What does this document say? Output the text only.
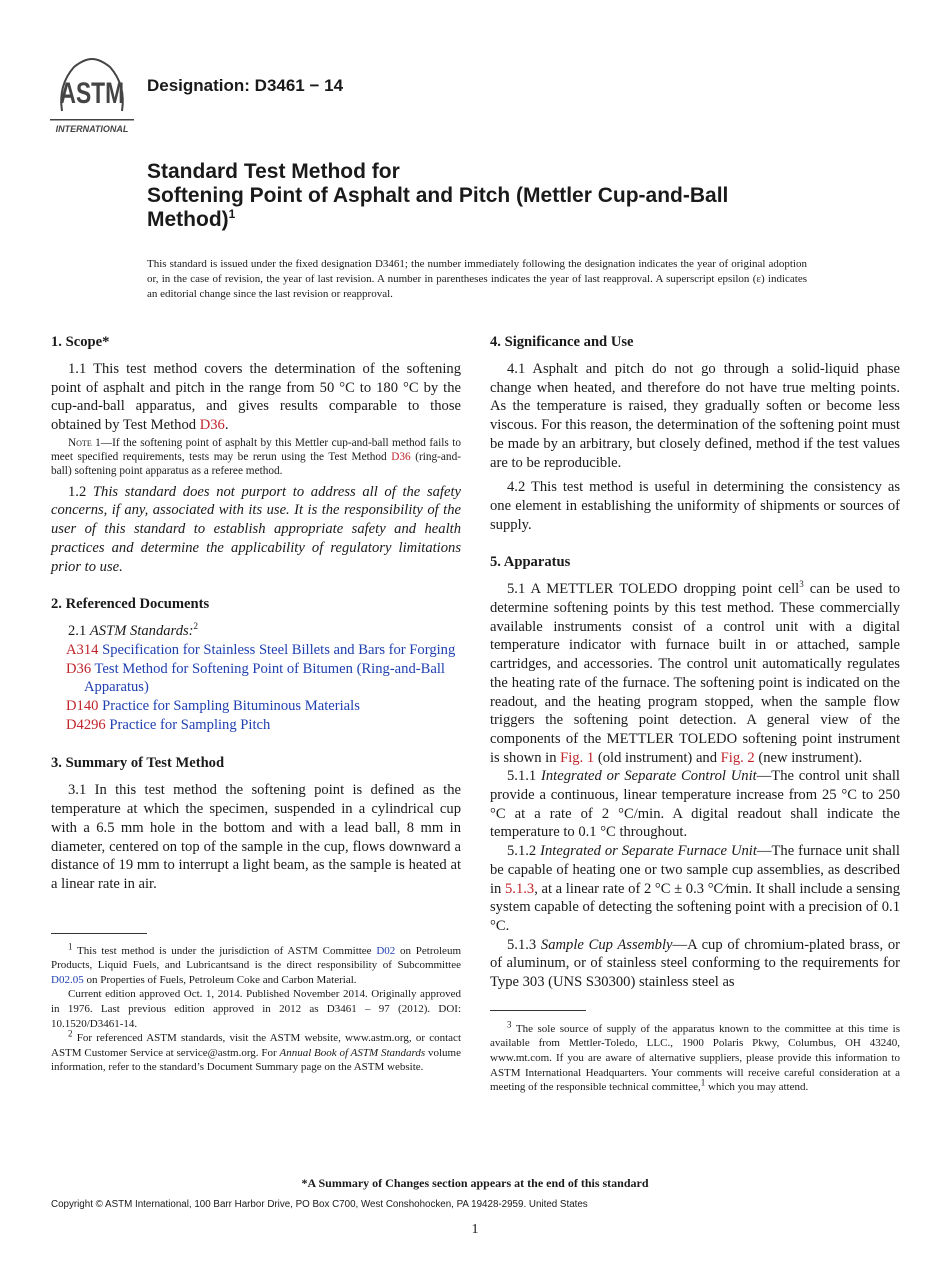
ASTM
INTERNATIONAL
Designation: D3461 − 14
Standard Test Method for
Softening Point of Asphalt and Pitch (Mettler Cup-and-Ball
Method)$^1$
This standard is issued under the fixed designation D3461; the number immediately following the designation indicates the year of original adoption or, in the case of revision, the year of last revision. A number in parentheses indicates the year of last reapproval. A superscript epsilon (ε) indicates an editorial change since the last revision or reapproval.
1. Scope*

1.1 This test method covers the determination of the softening point of asphalt and pitch in the range from 50 °C to 180 °C by the cup-and-ball apparatus, and gives results comparable to those obtained by Test Method D36.

Note 1—If the softening point of asphalt by this Mettler cup-and-ball method fails to meet specified requirements, tests may be rerun using the Test Method D36 (ring-and-ball) softening point apparatus as a referee method.

1.2 This standard does not purport to address all of the safety concerns, if any, associated with its use. It is the responsibility of the user of this standard to establish appropriate safety and health practices and determine the applicability of regulatory limitations prior to use.

2. Referenced Documents

2.1 ASTM Standards:$^2$

A314 Specification for Stainless Steel Billets and Bars for Forging
D36 Test Method for Softening Point of Bitumen (Ring-and-Ball Apparatus)
D140 Practice for Sampling Bituminous Materials
D4296 Practice for Sampling Pitch
3. Summary of Test Method

3.1 In this test method the softening point is defined as the temperature at which the specimen, suspended in a cylindrical cup with a 6.5 mm hole in the bottom and with a lead ball, 8 mm in diameter, centered on top of the sample in the cup, flows downward a distance of 19 mm to interrupt a light beam, as the sample is heated at a linear rate in air.

$^1$ This test method is under the jurisdiction of ASTM Committee D02 on Petroleum Products, Liquid Fuels, and Lubricantsand is the direct responsibility of Subcommittee D02.05 on Properties of Fuels, Petroleum Coke and Carbon Material.

Current edition approved Oct. 1, 2014. Published November 2014. Originally approved in 1976. Last previous edition approved in 2012 as D3461 – 97 (2012). DOI: 10.1520/D3461-14.

$^2$ For referenced ASTM standards, visit the ASTM website, www.astm.org, or contact ASTM Customer Service at service@astm.org. For Annual Book of ASTM Standards volume information, refer to the standard’s Document Summary page on the ASTM website.

4. Significance and Use

4.1 Asphalt and pitch do not go through a solid-liquid phase change when heated, and therefore do not have true melting points. As the temperature is raised, they gradually soften or become less viscous. For this reason, the determination of the softening point must be made by an arbitrary, but closely defined, method if the test values are to be reproducible.

4.2 This test method is useful in determining the consistency as one element in establishing the uniformity of shipments or sources of supply.

5. Apparatus

5.1 A METTLER TOLEDO dropping point cell$^3$ can be used to determine softening points by this test method. These commercially available instruments consist of a control unit with a digital temperature indicator with furnace built in or attached, sample cartridges, and accessories. The control unit automatically regulates the heating rate of the furnace. The softening point is indicated on the readout, and the heating program stopped, when the sample flow triggers the softening point detection. A general view of the components of the METTLER TOLEDO softening point instrument is shown in Fig. 1 (old instrument) and Fig. 2 (new instrument).

5.1.1 Integrated or Separate Control Unit—The control unit shall provide a continuous, linear temperature increase from 25 °C to 250 °C at a rate of 2 °C/min. A digital readout shall indicate the temperature to 0.1 °C throughout.

5.1.2 Integrated or Separate Furnace Unit—The furnace unit shall be capable of heating one or two sample cup assemblies, as described in 5.1.3, at a linear rate of 2 °C ± 0.3 °C⁄min. It shall include a sensing system capable of detecting the softening point with a precision of 0.1 °C.

5.1.3 Sample Cup Assembly—A cup of chromium-plated brass, or of aluminum, or of stainless steel conforming to the requirements for Type 303 (UNS S30300) stainless steel as

$^3$ The sole source of supply of the apparatus known to the committee at this time is available from Mettler-Toledo, LLC., 1900 Polaris Pkwy, Columbus, OH 43240, www.mt.com. If you are aware of alternative suppliers, please provide this information to ASTM International Headquarters. Your comments will receive careful consideration at a meeting of the responsible technical committee,$^1$ which you may attend.

*A Summary of Changes section appears at the end of this standard
Copyright © ASTM International, 100 Barr Harbor Drive, PO Box C700, West Conshohocken, PA 19428-2959. United States
1
